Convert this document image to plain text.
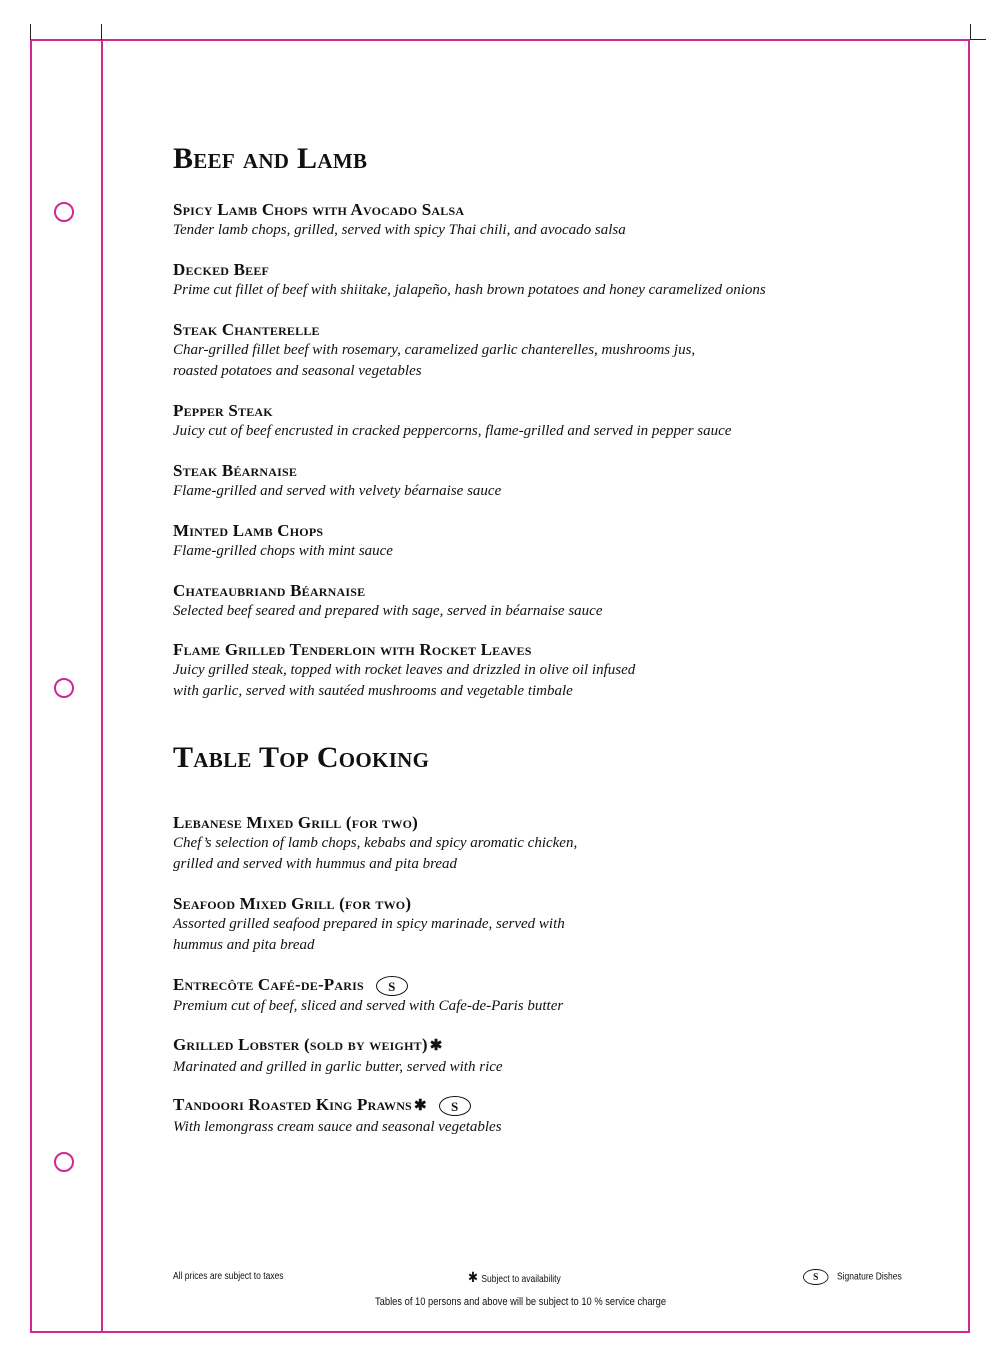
Beef and Lamb
Spicy Lamb Chops with Avocado Salsa
Tender lamb chops, grilled, served with spicy Thai chili, and avocado salsa
Decked Beef
Prime cut fillet of beef with shiitake, jalapeño, hash brown potatoes and honey caramelized onions
Steak Chanterelle
Char-grilled fillet beef with rosemary, caramelized garlic chanterelles, mushrooms jus,
roasted potatoes and seasonal vegetables
Pepper Steak
Juicy cut of beef encrusted in cracked peppercorns, flame-grilled and served in pepper sauce
Steak Béarnaise
Flame-grilled and served with velvety béarnaise sauce
Minted Lamb Chops
Flame-grilled chops with mint sauce
Chateaubriand Béarnaise
Selected beef seared and prepared with sage, served in béarnaise sauce
Flame Grilled Tenderloin with Rocket Leaves
Juicy grilled steak, topped with rocket leaves and drizzled in olive oil infused
with garlic, served with sautéed mushrooms and vegetable timbale
Table Top Cooking
Lebanese Mixed Grill (for two)
Chef’s selection of lamb chops, kebabs and spicy aromatic chicken,
grilled and served with hummus and pita bread
Seafood Mixed Grill (for two)
Assorted grilled seafood prepared in spicy marinade, served with
hummus and pita bread
Entrecôte Café-de-Paris S
Premium cut of beef, sliced and served with Cafe-de-Paris butter
Grilled Lobster (sold by weight) ✱
Marinated and grilled in garlic butter, served with rice
Tandoori Roasted King Prawns ✱ S
With lemongrass cream sauce and seasonal vegetables
All prices are subject to taxes	✱ Subject to availability	S Signature Dishes
Tables of 10 persons and above will be subject to 10 % service charge
